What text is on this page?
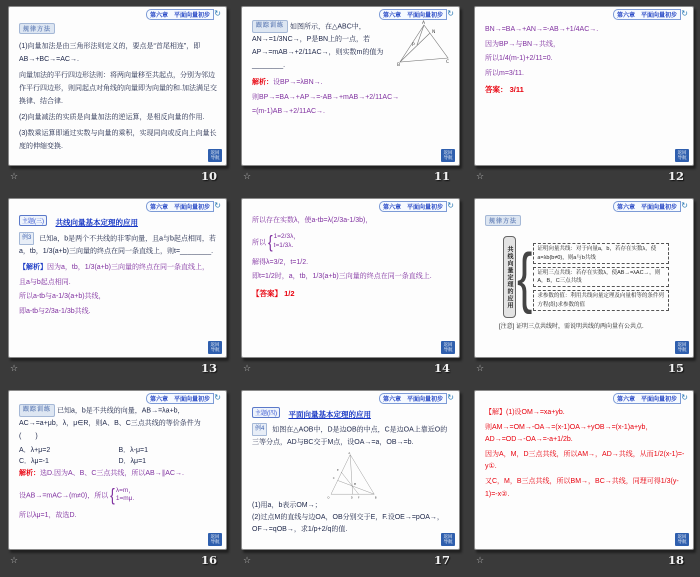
第六章　平面向量初步 ↻
规律方法
(1)向量加法是由三角形法则定义的，要点是“首尾相连”，即AB→+BC→=AC→.
向量加法的平行四边形法则：将两向量移至共起点，分别为邻边作平行四边形，则同起点对角线的向量即为向量的和.加法满足交换律、结合律.
(2)向量减法的实质是向量加法的逆运算，是相反向量的作用.
(3)数乘运算即通过实数与向量的乘积，实现同向或反向上向量长度的伸缩变换.
返回
导航
☆	10
第六章　平面向量初步 ↻
A
N
P
B
C
跟踪训练 如图所示，在△ABC中，AN→=1/3NC→，P是BN上的一点，若AP→=mAB→+2/11AC→，则实数m的值为________.
解析：设BP→=λBN→.
则BP→=BA→+AP→=-AB→+mAB→+2/11AC→
=(m-1)AB→+2/11AC→.
返回
导航
☆	11
第六章　平面向量初步 ↻
BN→=BA→+AN→=-AB→+1/4AC→.
因为BP→与BN→共线，
所以1/4(m-1)+2/11=0.
所以m=3/11.
答案： 3/11
返回
导航
☆	12
第六章　平面向量初步 ↻
主题(三) 共线向量基本定理的应用
例3 已知a，b是两个不共线的非零向量，且a与b起点相同，若a，tb，1/3(a+b)三向量的终点在同一条直线上，则t=________.
【解析】因为a，tb，1/3(a+b)三向量的终点在同一条直线上，
且a与b起点相同.
所以a-tb与a-1/3(a+b)共线，
即a-tb与2/3a-1/3b共线.
返回
导航
☆	13
第六章　平面向量初步 ↻
所以存在实数λ，使a-tb=λ(2/3a-1/3b)，
所以 { 1=2/3λ，
t=1/3λ.
解得λ=3/2，t=1/2.
即t=1/2时，a，tb，1/3(a+b)三向量的终点在同一条直线上.
【答案】 1/2
返回
导航
☆	14
第六章　平面向量初步 ↻
规律方法
共线向量定理的应用 { 证明向量共线：对于向量a，b，若存在实数λ，使a=λb(b≠0)，则a与b共线
证明三点共线：若存在实数λ，使AB→=λAC→，则A，B，C三点共线
求参数的值：利用共线向量定理及向量相等的条件列方程(组)求参数的值
[注意] 证明三点共线时，需说明共线的两向量有公共点.
返回
导航
☆	15
第六章　平面向量初步 ↻
跟踪训练 已知a，b是不共线的向量，AB→=λa+b，AC→=a+μb，λ，μ∈R，则A、B、C三点共线的等价条件为(　　)
A．λ+μ=2	B．λ-μ=1
C．λμ=-1	D．λμ=1
解析：选D.因为A、B、C三点共线，所以AB→∥AC→.
设AB→=mAC→(m≠0)，所以 { λ=m，
1=mμ.
所以λμ=1，故选D.
返回
导航
☆	16
第六章　平面向量初步 ↻
主题(四) 平面向量基本定理的应用
例4 如图在△AOB中，D是边OB的中点，C是边OA上靠近O的三等分点，AD与BC交于M点，设OA→=a，OB→=b.
A
C
E
M
O	D F	B
(1)用a，b表示OM→；
(2)过点M的直线与边OA，OB分别交于E，F.设OE→=pOA→，OF→=qOB→，求1/p+2/q的值.
返回
导航
☆	17
第六章　平面向量初步 ↻
【解】(1)设OM→=xa+yb.
则AM→=OM→-OA→=(x-1)OA→+yOB→=(x-1)a+yb，AD→=OD→-OA→=-a+1/2b.
因为A，M，D三点共线，所以AM→，AD→共线，从而1/2(x-1)=-y①.
又C，M，B三点共线，所以BM→，BC→共线，同理可得1/3(y-1)=-x②.
返回
导航
☆	18
